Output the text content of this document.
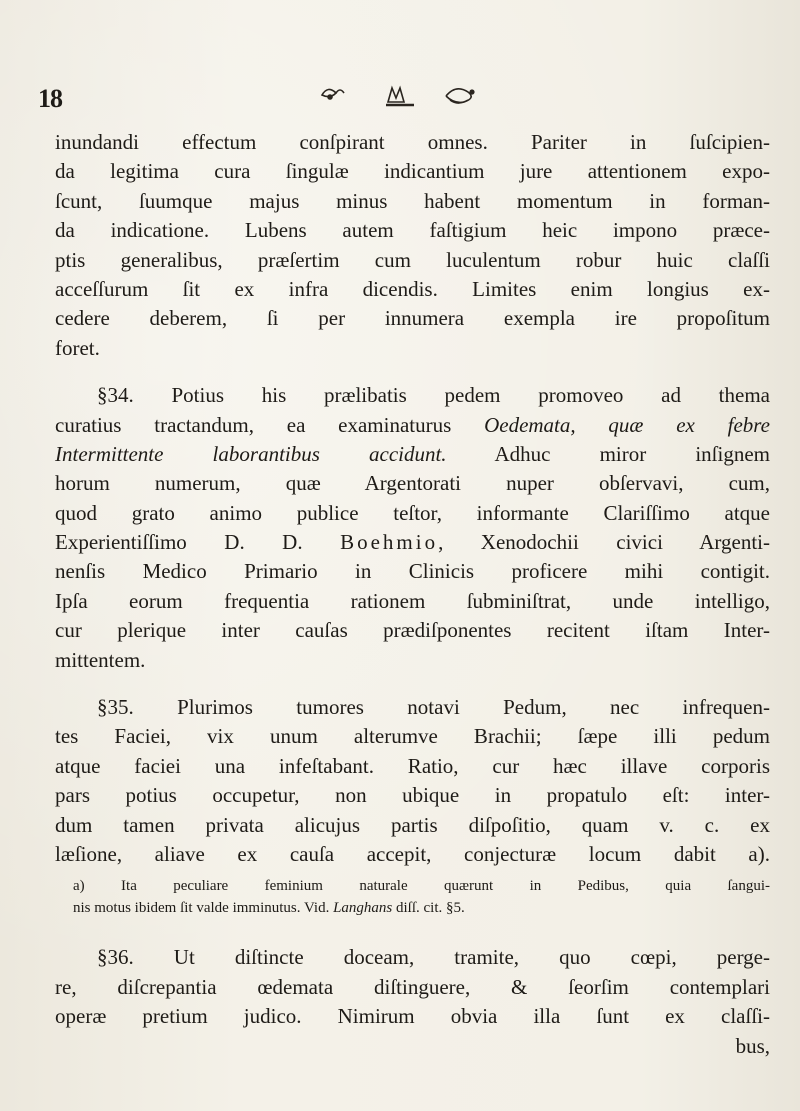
18
inundandi effectum conſpirant omnes. Pariter in ſuſcipien-
da legitima cura ſingulæ indicantium jure attentionem expo-
ſcunt, ſuumque majus minus habent momentum in forman-
da indicatione. Lubens autem faſtigium heic impono præce-
ptis generalibus, præſertim cum luculentum robur huic claſſi
acceſſurum ſit ex infra dicendis. Limites enim longius ex-
cedere deberem, ſi per innumera exempla ire propoſitum
foret.
§34. Potius his prælibatis pedem promoveo ad thema
curatius tractandum, ea examinaturus Oedemata, quæ ex febre
Intermittente laborantibus accidunt. Adhuc miror inſignem
horum numerum, quæ Argentorati nuper obſervavi, cum,
quod grato animo publice teſtor, informante Clariſſimo atque
Experientiſſimo D. D. Boehmio, Xenodochii civici Argenti-
nenſis Medico Primario in Clinicis proficere mihi contigit.
Ipſa eorum frequentia rationem ſubminiſtrat, unde intelligo,
cur plerique inter cauſas prædiſponentes recitent iſtam Inter-
mittentem.
§35. Plurimos tumores notavi Pedum, nec infrequen-
tes Faciei, vix unum alterumve Brachii; ſæpe illi pedum
atque faciei una infeſtabant. Ratio, cur hæc illave corporis
pars potius occupetur, non ubique in propatulo eſt: inter-
dum tamen privata alicujus partis diſpoſitio, quam v. c. ex
læſione, aliave ex cauſa accepit, conjecturæ locum dabit a).
a) Ita peculiare feminium naturale quærunt in Pedibus, quia ſangui-
nis motus ibidem ſit valde imminutus. Vid. Langhans diſſ. cit. §5.
§36. Ut diſtincte doceam, tramite, quo cœpi, perge-
re, diſcrepantia œdemata diſtinguere, & ſeorſim contemplari
operæ pretium judico. Nimirum obvia illa ſunt ex claſſi-
bus,
